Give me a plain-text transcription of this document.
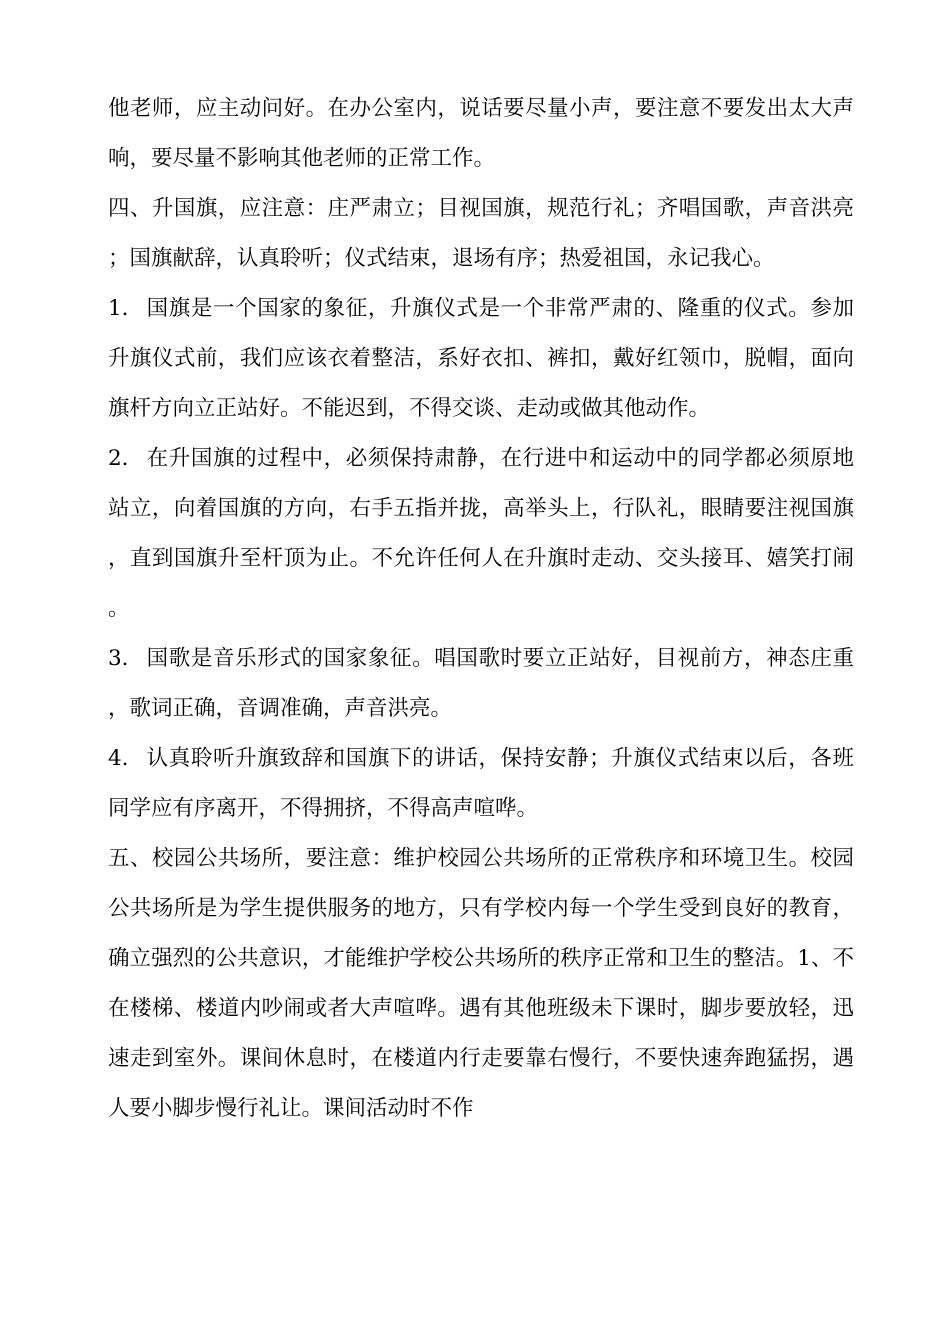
他老师，应主动问好。在办公室内，说话要尽量小声，要注意不要发出太大声响，要尽量不影响其他老师的正常工作。

四、升国旗，应注意：庄严肃立；目视国旗，规范行礼；齐唱国歌，声音洪亮；国旗献辞，认真聆听；仪式结束，退场有序；热爱祖国，永记我心。

1. 国旗是一个国家的象征，升旗仪式是一个非常严肃的、隆重的仪式。参加升旗仪式前，我们应该衣着整洁，系好衣扣、裤扣，戴好红领巾，脱帽，面向旗杆方向立正站好。不能迟到，不得交谈、走动或做其他动作。

2. 在升国旗的过程中，必须保持肃静，在行进中和运动中的同学都必须原地站立，向着国旗的方向，右手五指并拢，高举头上，行队礼，眼睛要注视国旗，直到国旗升至杆顶为止。不允许任何人在升旗时走动、交头接耳、嬉笑打闹。

3. 国歌是音乐形式的国家象征。唱国歌时要立正站好，目视前方，神态庄重，歌词正确，音调准确，声音洪亮。

4. 认真聆听升旗致辞和国旗下的讲话，保持安静；升旗仪式结束以后，各班同学应有序离开，不得拥挤，不得高声喧哗。

五、校园公共场所，要注意：维护校园公共场所的正常秩序和环境卫生。校园公共场所是为学生提供服务的地方，只有学校内每一个学生受到良好的教育，确立强烈的公共意识，才能维护学校公共场所的秩序正常和卫生的整洁。1、不在楼梯、楼道内吵闹或者大声喧哗。遇有其他班级未下课时，脚步要放轻，迅速走到室外。课间休息时，在楼道内行走要靠右慢行，不要快速奔跑猛拐，遇人要小脚步慢行礼让。课间活动时不作
